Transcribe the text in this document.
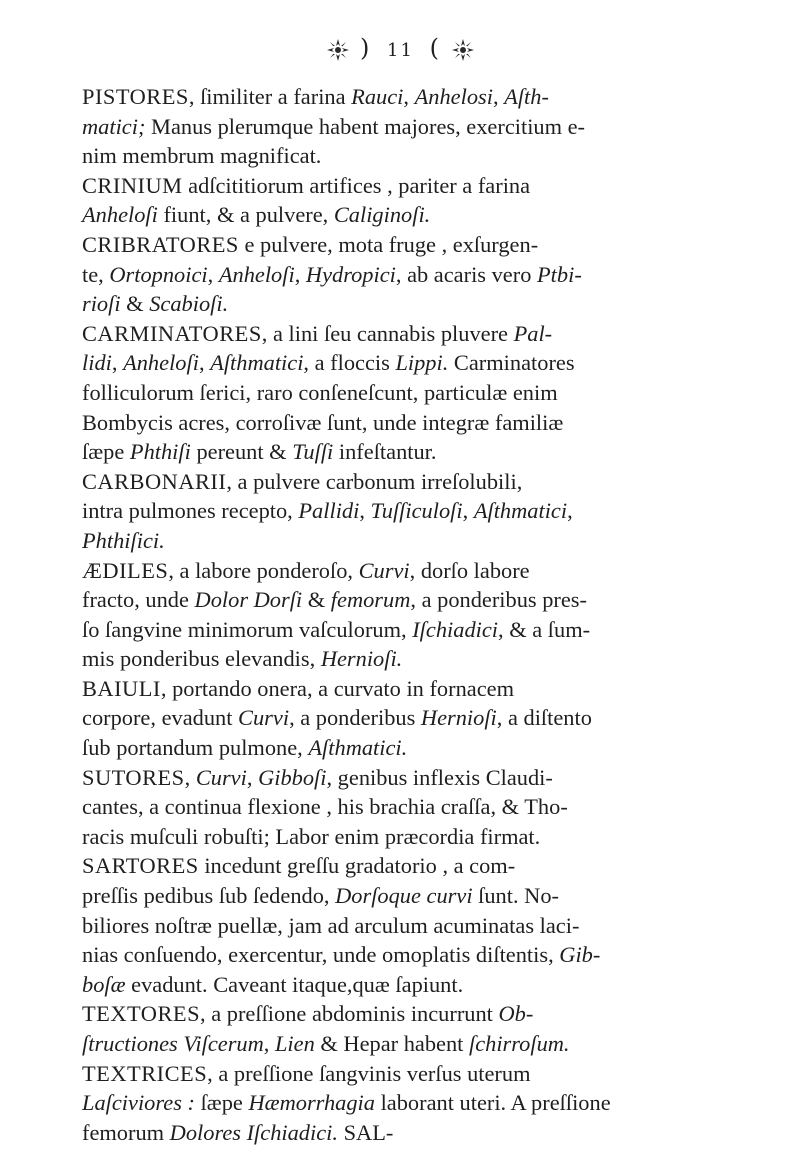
) 11 (

PISTORES, ſimiliter a farina Rauci, Anhelosi, Aſth-
matici; Manus plerumque habent majores, exercitium e-
nim membrum magnificat.

CRINIUM adſcititiorum artifices , pariter a farina
Anheloſi fiunt, & a pulvere, Caliginoſi.

CRIBRATORES e pulvere, mota fruge , exſurgen-
te, Ortopnoici, Anheloſi, Hydropici, ab acaris vero Ptbi-
rioſi & Scabioſi.

CARMINATORES, a lini ſeu cannabis pluvere Pal-
lidi, Anheloſi, Aſthmatici, a floccis Lippi. Carminatores
folliculorum ſerici, raro conſeneſcunt, particulæ enim
Bombycis acres, corroſivæ ſunt, unde integræ familiæ
ſæpe Phthiſi pereunt & Tuſſi infeſtantur.

CARBONARII, a pulvere carbonum irreſolubili,
intra pulmones recepto, Pallidi, Tuſſiculoſi, Aſthmatici,
Phthiſici.

ÆDILES, a labore ponderoſo, Curvi, dorſo labore
fracto, unde Dolor Dorſi & femorum, a ponderibus pres-
ſo ſangvine minimorum vaſculorum, Iſchiadici, & a ſum-
mis ponderibus elevandis, Hernioſi.

BAIULI, portando onera, a curvato in fornacem
corpore, evadunt Curvi, a ponderibus Hernioſi, a diſtento
ſub portandum pulmone, Aſthmatici.

SUTORES, Curvi, Gibboſi, genibus inflexis Claudi-
cantes, a continua flexione , his brachia craſſa, & Tho-
racis muſculi robuſti; Labor enim præcordia firmat.

SARTORES incedunt greſſu gradatorio , a com-
preſſis pedibus ſub ſedendo, Dorſoque curvi ſunt. No-
biliores noſtræ puellæ, jam ad arculum acuminatas laci-
nias conſuendo, exercentur, unde omoplatis diſtentis, Gib-
boſæ evadunt. Caveant itaque,quæ ſapiunt.

TEXTORES, a preſſione abdominis incurrunt Ob-
ſtructiones Viſcerum, Lien & Hepar habent ſchirroſum.

TEXTRICES, a preſſione ſangvinis verſus uterum
Laſciviores : ſæpe Hæmorrhagia laborant uteri. A preſſione
femorum Dolores Iſchiadici. SAL-
